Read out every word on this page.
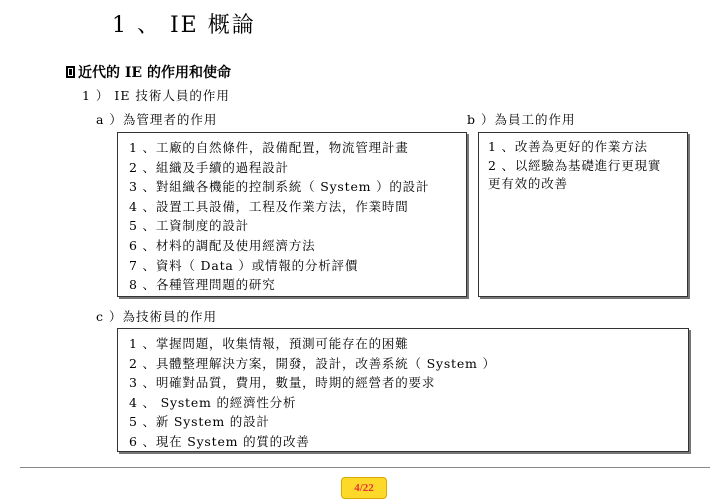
1 、 IE 概論
近代的 IE 的作用和使命
1 ） IE 技術人員的作用
a ）為管理者的作用	b ）為員工的作用
1 、工廠的自然條件，設備配置，物流管理計畫
2 、組織及手續的過程設計
3 、對組織各機能的控制系統（ System ）的設計
4 、設置工具設備，工程及作業方法，作業時間
5 、工資制度的設計
6 、材料的調配及使用經濟方法
7 、資料（ Data ）或情報的分析評價
8 、各種管理問題的研究
1 、改善為更好的作業方法
2 、以經驗為基礎進行更現實
更有效的改善
c ）為技術員的作用
1 、掌握問題，收集情報，預測可能存在的困難
2 、具體整理解決方案，開發，設計，改善系統（ System ）
3 、明確對品質，費用，數量，時期的經營者的要求
4 、 System 的經濟性分析
5 、新 System 的設計
6 、現在 System 的質的改善
4/22
